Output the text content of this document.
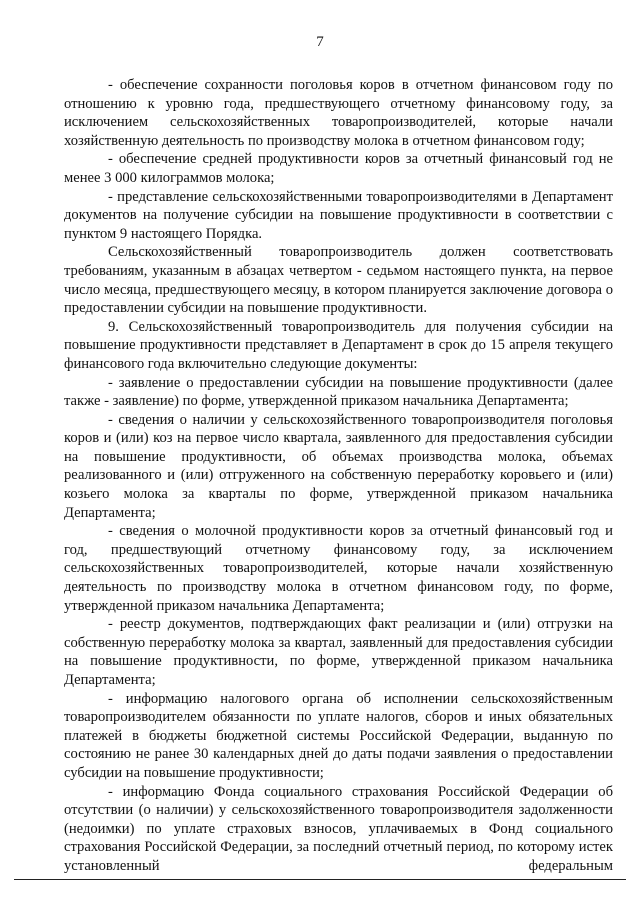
7

- обеспечение сохранности поголовья коров в отчетном финансовом году по отношению к уровню года, предшествующего отчетному финансовому году, за исключением сельскохозяйственных товаропроизводителей, которые начали хозяйственную деятельность по производству молока в отчетном финансовом году;

- обеспечение средней продуктивности коров за отчетный финансовый год не менее 3 000 килограммов молока;

- представление сельскохозяйственными товаропроизводителями в Департамент документов на получение субсидии на повышение продуктивности в соответствии с пунктом 9 настоящего Порядка.

Сельскохозяйственный товаропроизводитель должен соответствовать требованиям, указанным в абзацах четвертом - седьмом настоящего пункта, на первое число месяца, предшествующего месяцу, в котором планируется заключение договора о предоставлении субсидии на повышение продуктивности.

9. Сельскохозяйственный товаропроизводитель для получения субсидии на повышение продуктивности представляет в Департамент в срок до 15 апреля текущего финансового года включительно следующие документы:

- заявление о предоставлении субсидии на повышение продуктивности (далее также - заявление) по форме, утвержденной приказом начальника Департамента;

- сведения о наличии у сельскохозяйственного товаропроизводителя поголовья коров и (или) коз на первое число квартала, заявленного для предоставления субсидии на повышение продуктивности, об объемах производства молока, объемах реализованного и (или) отгруженного на собственную переработку коровьего и (или) козьего молока за кварталы по форме, утвержденной приказом начальника Департамента;

- сведения о молочной продуктивности коров за отчетный финансовый год и год, предшествующий отчетному финансовому году, за исключением сельскохозяйственных товаропроизводителей, которые начали хозяйственную деятельность по производству молока в отчетном финансовом году, по форме, утвержденной приказом начальника Департамента;

- реестр документов, подтверждающих факт реализации и (или) отгрузки на собственную переработку молока за квартал, заявленный для предоставления субсидии на повышение продуктивности, по форме, утвержденной приказом начальника Департамента;

- информацию налогового органа об исполнении сельскохозяйственным товаропроизводителем обязанности по уплате налогов, сборов и иных обязательных платежей в бюджеты бюджетной системы Российской Федерации, выданную по состоянию не ранее 30 календарных дней до даты подачи заявления о предоставлении субсидии на повышение продуктивности;

- информацию Фонда социального страхования Российской Федерации об отсутствии (о наличии) у сельскохозяйственного товаропроизводителя задолженности (недоимки) по уплате страховых взносов, уплачиваемых в Фонд социального страхования Российской Федерации, за последний отчетный период, по которому истек установленный федеральным
